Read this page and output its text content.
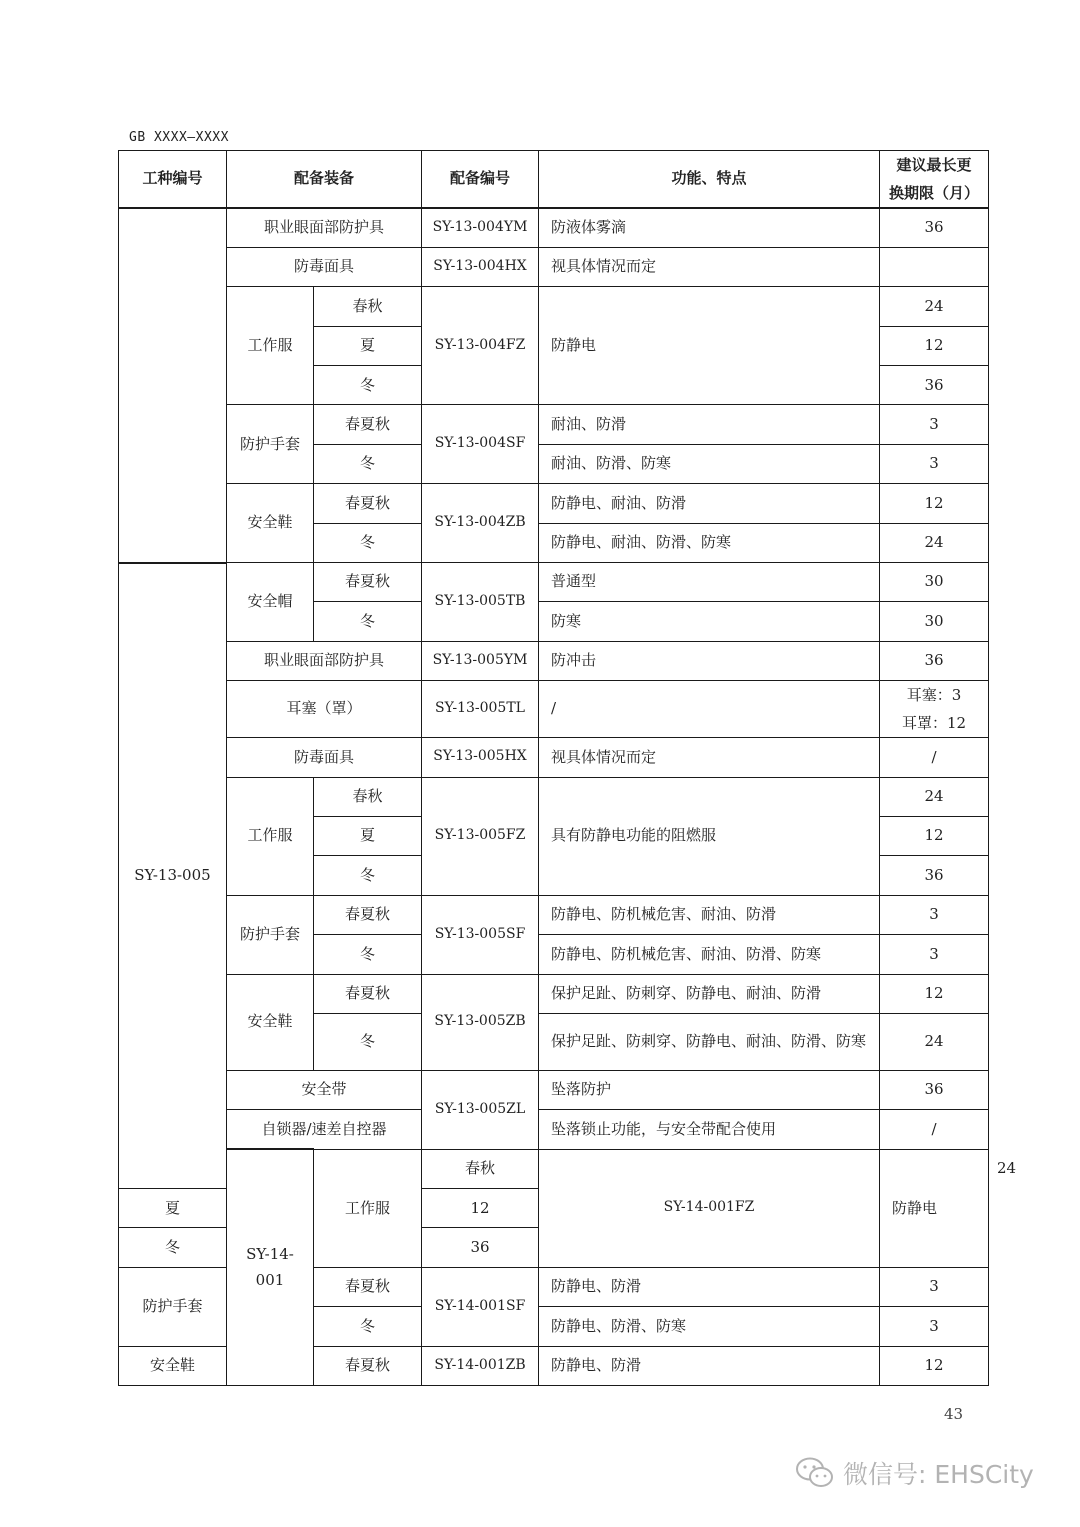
GB XXXX—XXXX
工种编号	配备装备		配备编号	功能、特点	建议最长更
换期限（月）	

	职业眼面部防护具		SY-13-004YM	防液体雾滴	36	
	防毒面具		SY-13-004HX	视具体情况而定		
	工作服	春秋	SY-13-004FZ	防静电	24	
		夏			12	
		冬			36	
	防护手套	春夏秋	SY-13-004SF	耐油、防滑	3	
		冬		耐油、防滑、防寒	3	
	安全鞋	春夏秋	SY-13-004ZB	防静电、耐油、防滑	12	
		冬		防静电、耐油、防滑、防寒	24	
SY-13-005	安全帽	春夏秋	SY-13-005TB	普通型	30	
		冬		防寒	30	
	职业眼面部防护具		SY-13-005YM	防冲击	36	
	耳塞（罩）		SY-13-005TL	/	耳塞：3
耳罩：12	

	防毒面具		SY-13-005HX	视具体情况而定	/	
	工作服	春秋	SY-13-005FZ	具有防静电功能的阻燃服	24	
		夏			12	
		冬			36	
	防护手套	春夏秋	SY-13-005SF	防静电、防机械危害、耐油、防滑	3	
		冬		防静电、防机械危害、耐油、防滑、防寒	3	
	安全鞋	春夏秋	SY-13-005ZB	保护足趾、防刺穿、防静电、耐油、防滑	12	
		冬		保护足趾、防刺穿、防静电、耐油、防滑、防寒	24	
	安全带		SY-13-005ZL	坠落防护	36	
	自锁器/速差自控器			坠落锁止功能，与安全带配合使用	/	
	SY-14-001	工作服	春秋	SY-14-001FZ	防静电	24
夏			12			
冬			36			
防护手套		春夏秋	SY-14-001SF	防静电、防滑	3	
		冬		防静电、防滑、防寒	3	
安全鞋		春夏秋	SY-14-001ZB	防静电、防滑	12	
43
微信号: EHSCity
